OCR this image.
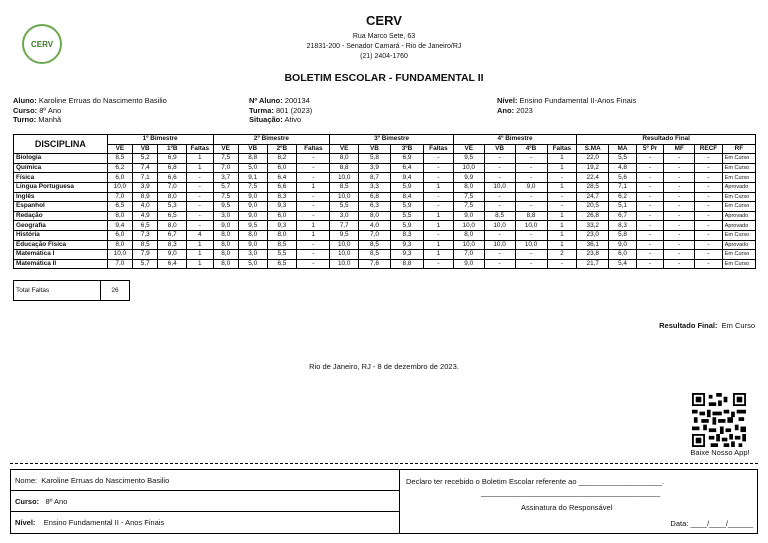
CERV
CERV
Rua Marco Sete, 63
21831-200 - Senador Camará - Rio de Janeiro/RJ
(21) 2404-1760
BOLETIM ESCOLAR - FUNDAMENTAL II
Aluno: Karoline Erruas do Nascimento Basilio
Curso: 8º Ano
Turno: Manhã
Nº Aluno: 200134
Turma: 801 (2023)
Situação: Ativo
Nível: Ensino Fundamental II-Anos Finais
Ano: 2023
DISCIPLINA	1º Bimestre				2º Bimestre				3º Bimestre				4º Bimestre				Resultado Final					
	VE	VB	1ºB	Faltas	VE	VB	2ºB	Faltas	VE	VB	3ºB	Faltas	VE	VB	4ºB	Faltas	S.MA	MA	5º Pr	MF	RECF	RF
Biologia	8,5	5,2	6,9	1	7,5	8,8	8,2	-	8,0	5,8	6,9	-	9,5	-	-	1	22,0	5,5	-	-	-	Em Curso
Química	6,2	7,4	6,8	1	7,0	5,0	6,0	-	8,8	3,9	6,4	-	10,0	-	-	1	19,2	4,8	-	-	-	Em Curso
Física	6,0	7,1	6,6	-	3,7	9,1	6,4	-	10,0	8,7	9,4	-	9,9	-	-	-	22,4	5,6	-	-	-	Em Curso
Língua Portuguesa	10,0	3,9	7,0	-	5,7	7,5	6,6	1	8,5	3,3	5,9	1	8,0	10,0	9,0	1	28,5	7,1	-	-	-	Aprovado
Inglês	7,0	8,9	8,0	-	7,5	9,0	8,3	-	10,0	6,8	8,4	-	7,5	-	-	-	24,7	6,2	-	-	-	Em Curso
Espanhol	6,5	4,0	5,3	-	9,5	9,0	9,3	-	5,5	6,3	5,9	-	7,5	-	-	-	20,5	5,1	-	-	-	Em Curso
Redação	8,0	4,9	6,5	-	3,0	9,0	6,0	-	3,0	8,0	5,5	1	9,0	8,5	8,8	1	26,8	6,7	-	-	-	Aprovado
Geografia	9,4	6,5	8,0	-	9,0	9,5	9,3	1	7,7	4,0	5,9	1	10,0	10,0	10,0	1	33,2	8,3	-	-	-	Aprovado
História	6,0	7,3	6,7	4	8,0	8,0	8,0	1	9,5	7,0	8,3	-	8,0	-	-	1	23,0	5,8	-	-	-	Em Curso
Educação Física	8,0	8,5	8,3	1	8,0	9,0	8,5	-	10,0	8,5	9,3	1	10,0	10,0	10,0	1	36,1	9,0	-	-	-	Aprovado
Matemática I	10,0	7,9	9,0	1	8,0	3,0	5,5	-	10,0	8,5	9,3	1	7,0	-	-	2	23,8	6,0	-	-	-	Em Curso
Matemática II	7,0	5,7	6,4	1	8,0	5,0	6,5	-	10,0	7,6	8,8	-	9,0	-	-	-	21,7	5,4	-	-	-	Em Curso
Total Faltas	26
Resultado Final: Em Curso
Rio de Janeiro, RJ - 8 de dezembro de 2023.
Baixe Nosso App!
Nome: Karoline Erruas do Nascimento Basilio
Curso: 8º Ano
Nível: Ensino Fundamental II - Anos Finais
Declaro ter recebido o Boletim Escolar referente ao ____________________.
______________________________________________
Assinatura do Responsável
Data: ____/____/______
